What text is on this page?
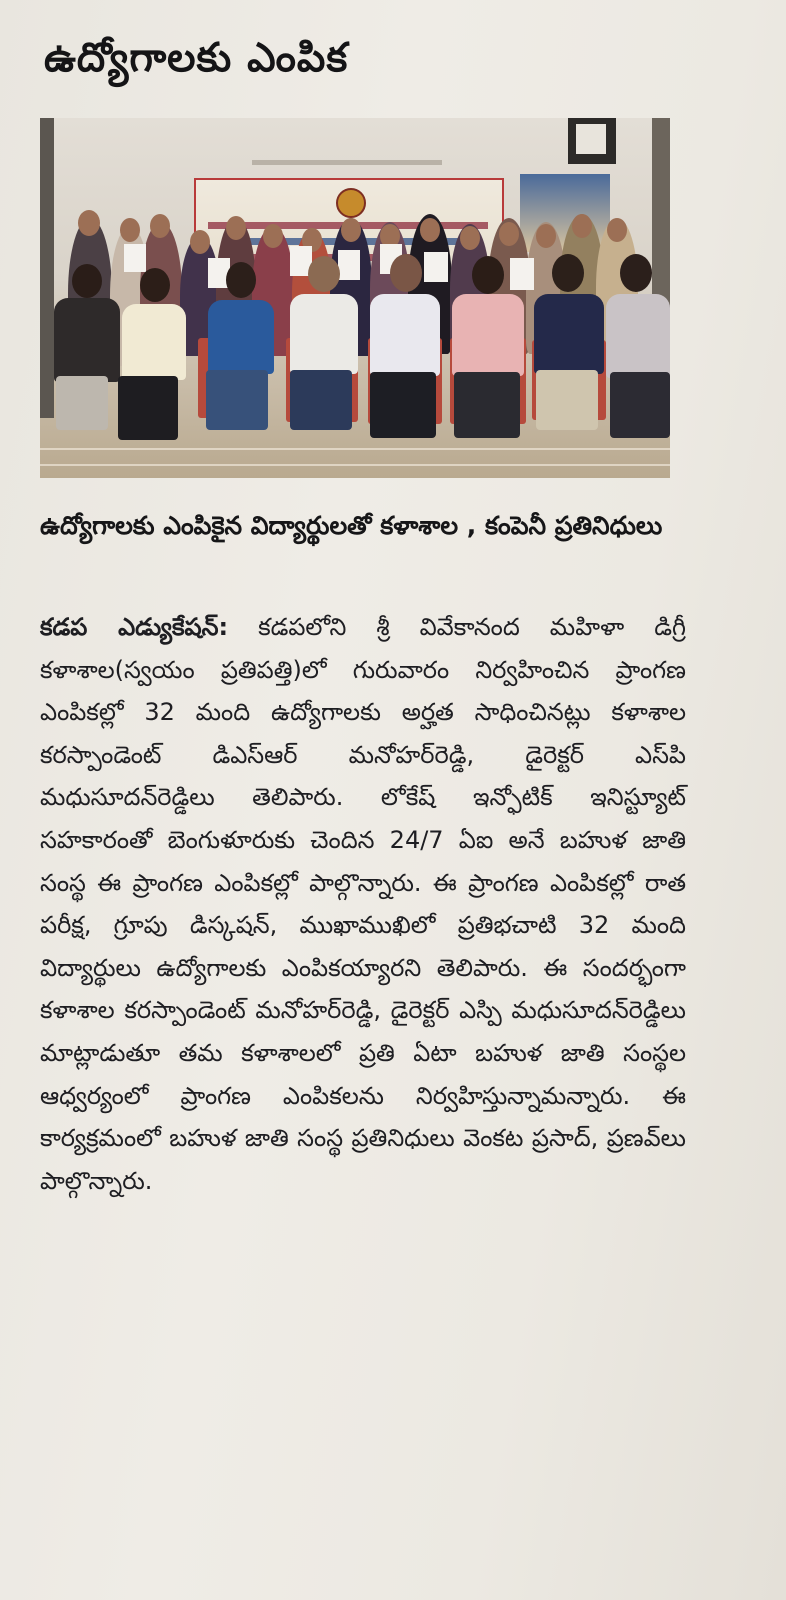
ఉద్యోగాలకు ఎంపిక
ఉద్యోగాలకు ఎంపికైన విద్యార్థులతో కళాశాల , కంపెనీ ప్రతినిధులు

కడప ఎడ్యుకేషన్: కడపలోని శ్రీ వివేకానంద మహిళా డిగ్రీ కళాశాల(స్వయం ప్రతిపత్తి)లో గురువారం నిర్వహించిన ప్రాంగణ ఎంపికల్లో 32 మంది ఉద్యోగాలకు అర్హత సాధించినట్లు కళాశాల కరస్పాండెంట్ డిఎస్ఆర్ మనోహర్‌రెడ్డి, డైరెక్టర్ ఎస్‌పి మధుసూదన్‌రెడ్డిలు తెలిపారు. లోకేష్ ఇన్ఫోటిక్ ఇనిస్ట్యూట్ సహకారంతో బెంగుళూరుకు చెందిన 24/7 ఏఐ అనే బహుళ జాతి సంస్థ ఈ ప్రాంగణ ఎంపికల్లో పాల్గొన్నారు. ఈ ప్రాంగణ ఎంపికల్లో రాత పరీక్ష, గ్రూపు డిస్కషన్, ముఖాముఖిలో ప్రతిభచాటి 32 మంది విద్యార్థులు ఉద్యోగాలకు ఎంపికయ్యారని తెలిపారు. ఈ సందర్భంగా కళాశాల కరస్పాండెంట్ మనోహర్‌రెడ్డి, డైరెక్టర్ ఎస్పి మధుసూదన్‌రెడ్డిలు మాట్లాడుతూ తమ కళాశాలలో ప్రతి ఏటా బహుళ జాతి సంస్థల ఆధ్వర్యంలో ప్రాంగణ ఎంపికలను నిర్వహిస్తున్నామన్నారు. ఈ కార్యక్రమంలో బహుళ జాతి సంస్థ ప్రతినిధులు వెంకట ప్రసాద్, ప్రణవ్‌లు పాల్గొన్నారు.
